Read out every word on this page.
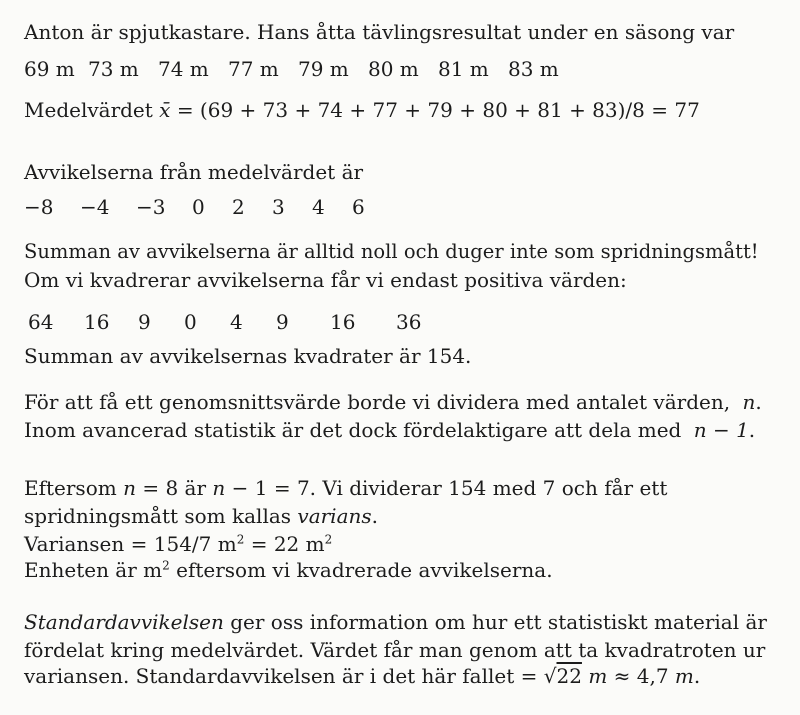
Anton är spjutkastare. Hans åtta tävlingsresultat under en säsong var
69 m 73 m 74 m 77 m 79 m 80 m 81 m 83 m
Medelvärdet x̄ = (69 + 73 + 74 + 77 + 79 + 80 + 81 + 83)/8 = 77
Avvikelserna från medelvärdet är
−8	−4	−3	0	2	3	4	6
Summan av avvikelserna är alltid noll och duger inte som spridningsmått!
Om vi kvadrerar avvikelserna får vi endast positiva värden:
64	16	9	0	4	9	16	36
Summan av avvikelsernas kvadrater är 154.
För att få ett genomsnittsvärde borde vi dividera med antalet värden, n.
Inom avancerad statistik är det dock fördelaktigare att dela med n − 1.
Eftersom n = 8 är n − 1 = 7. Vi dividerar 154 med 7 och får ett
spridningsmått som kallas varians.
Variansen = 154/7 $m^2 = 22$ $m^2$
Enheten är $m^2$ eftersom vi kvadrerade avvikelserna.
Standardavvikelsen ger oss information om hur ett statistiskt material är
fördelat kring medelvärdet. Värdet får man genom att ta kvadratroten ur
variansen. Standardavvikelsen är i det här fallet = √22 m ≈ 4,7 m.
